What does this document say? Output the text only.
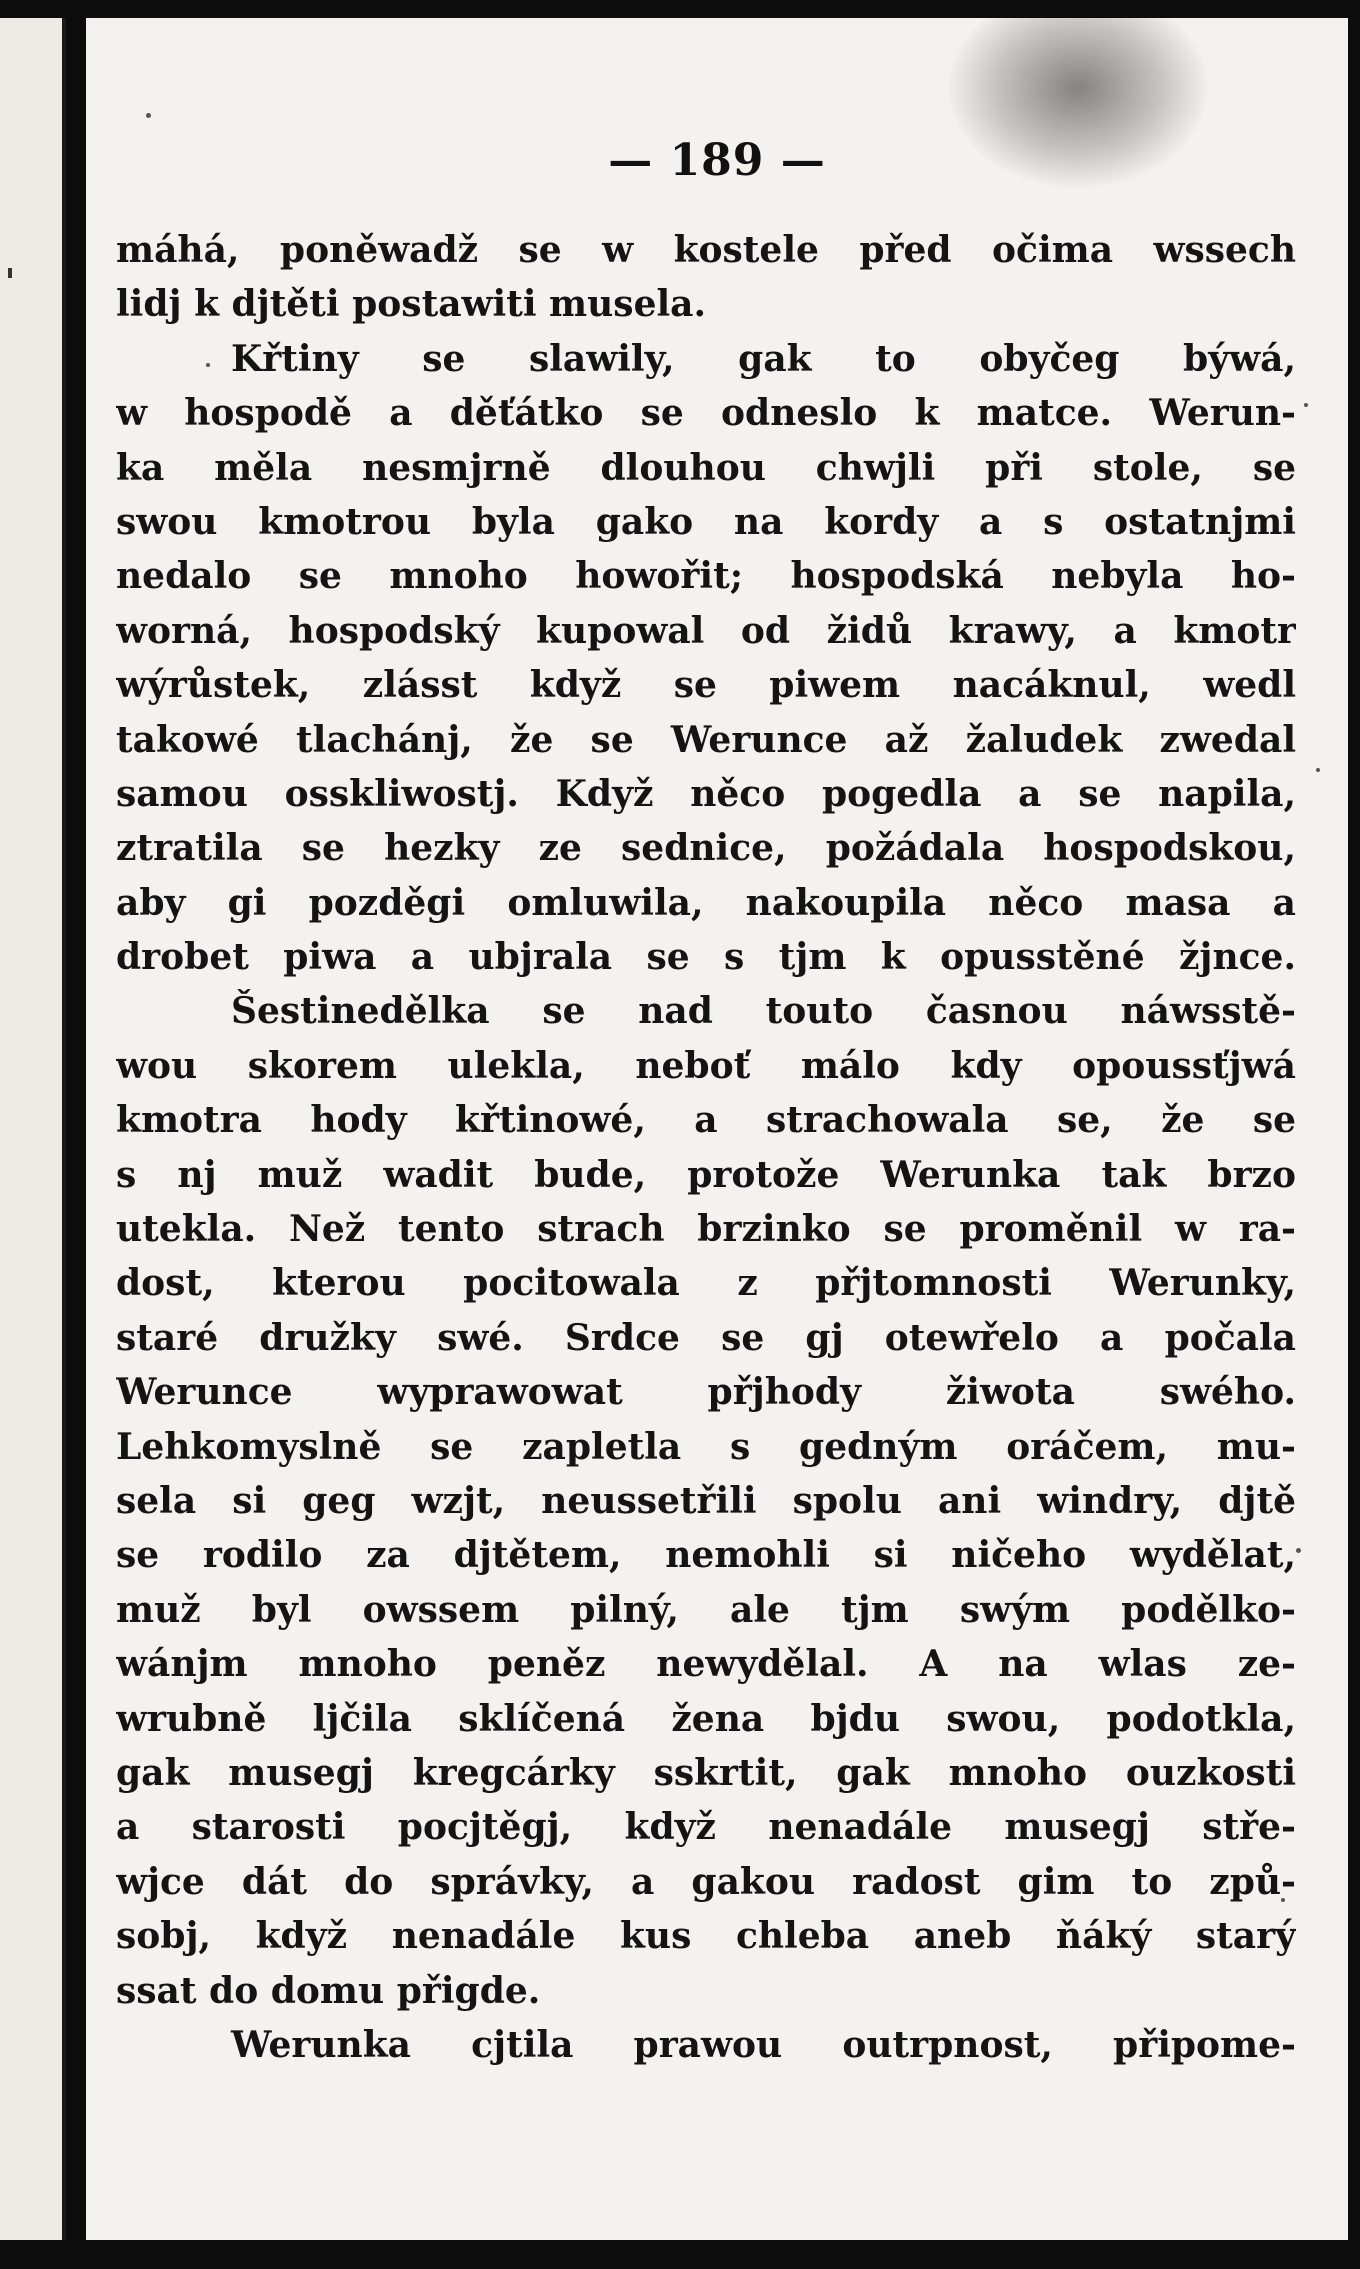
— 189 —
máhá, poněwadž se w kostele před očima wssech
lidj k djtěti postawiti musela.
Křtiny se slawily, gak to obyčeg býwá,
w hospodě a děťátko se odneslo k matce. Werun-
ka měla nesmjrně dlouhou chwjli při stole, se
swou kmotrou byla gako na kordy a s ostatnjmi
nedalo se mnoho howořit; hospodská nebyla ho-
worná, hospodský kupowal od židů krawy, a kmotr
wýrůstek, zlásst když se piwem nacáknul, wedl
takowé tlachánj, že se Werunce až žaludek zwedal
samou osskliwostj. Když něco pogedla a se napila,
ztratila se hezky ze sednice, požádala hospodskou,
aby gi pozděgi omluwila, nakoupila něco masa a
drobet piwa a ubjrala se s tjm k opusstěné žjnce.
Šestinedělka se nad touto časnou náwsstě-
wou skorem ulekla, neboť málo kdy opoussťjwá
kmotra hody křtinowé, a strachowala se, že se
s nj muž wadit bude, protože Werunka tak brzo
utekla. Než tento strach brzinko se proměnil w ra-
dost, kterou pocitowala z přjtomnosti Werunky,
staré družky swé. Srdce se gj otewřelo a počala
Werunce wyprawowat přjhody žiwota swého.
Lehkomyslně se zapletla s gedným oráčem, mu-
sela si geg wzjt, neussetřili spolu ani windry, djtě
se rodilo za djtětem, nemohli si ničeho wydělat,
muž byl owssem pilný, ale tjm swým podělko-
wánjm mnoho peněz newydělal. A na wlas ze-
wrubně ljčila sklíčená žena bjdu swou, podotkla,
gak musegj kregcárky sskrtit, gak mnoho ouzkosti
a starosti pocjtěgj, když nenadále musegj stře-
wjce dát do správky, a gakou radost gim to způ-
sobj, když nenadále kus chleba aneb ňáký starý
ssat do domu přigde.
Werunka cjtila prawou outrpnost, připome-
